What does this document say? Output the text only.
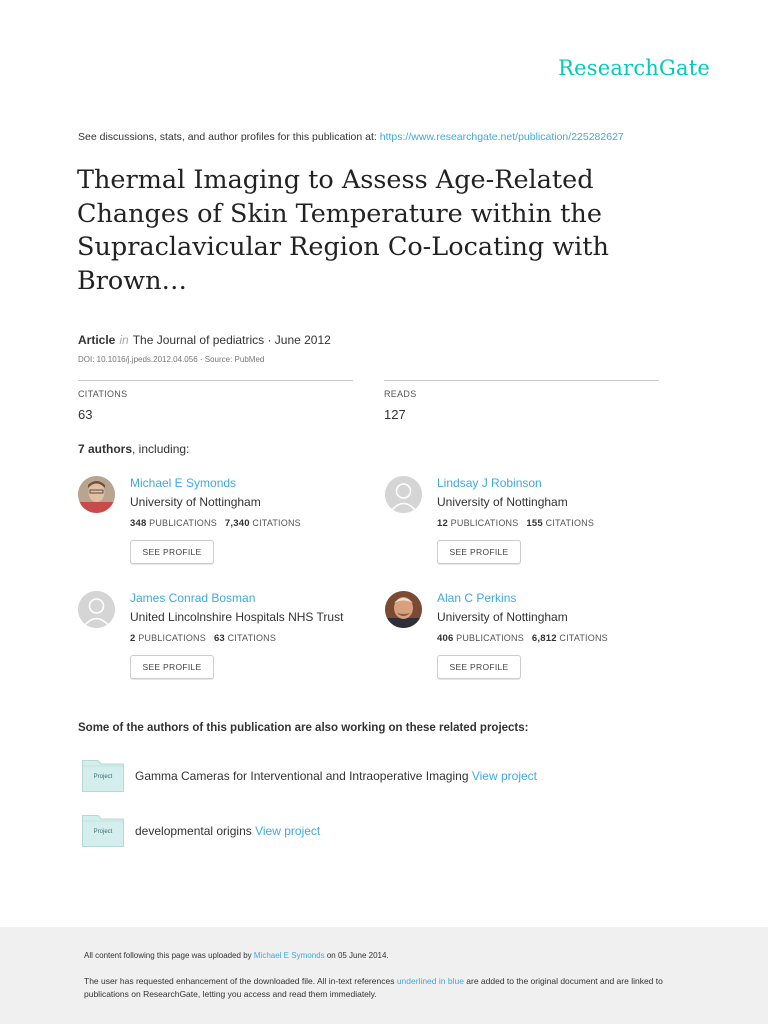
ResearchGate
See discussions, stats, and author profiles for this publication at: https://www.researchgate.net/publication/225282627
Thermal Imaging to Assess Age-Related Changes of Skin Temperature within the Supraclavicular Region Co-Locating with Brown…
Article in The Journal of pediatrics · June 2012
DOI: 10.1016/j.jpeds.2012.04.056 · Source: PubMed
CITATIONS
63
READS
127
7 authors, including:
Michael E Symonds
University of Nottingham
348 PUBLICATIONS 7,340 CITATIONS
SEE PROFILE
Lindsay J Robinson
University of Nottingham
12 PUBLICATIONS 155 CITATIONS
SEE PROFILE
James Conrad Bosman
United Lincolnshire Hospitals NHS Trust
2 PUBLICATIONS 63 CITATIONS
SEE PROFILE
Alan C Perkins
University of Nottingham
406 PUBLICATIONS 6,812 CITATIONS
SEE PROFILE
Some of the authors of this publication are also working on these related projects:
Project	Gamma Cameras for Interventional and Intraoperative Imaging View project
Project	developmental origins View project
All content following this page was uploaded by Michael E Symonds on 05 June 2014.
The user has requested enhancement of the downloaded file. All in-text references underlined in blue are added to the original document and are linked to publications on ResearchGate, letting you access and read them immediately.
